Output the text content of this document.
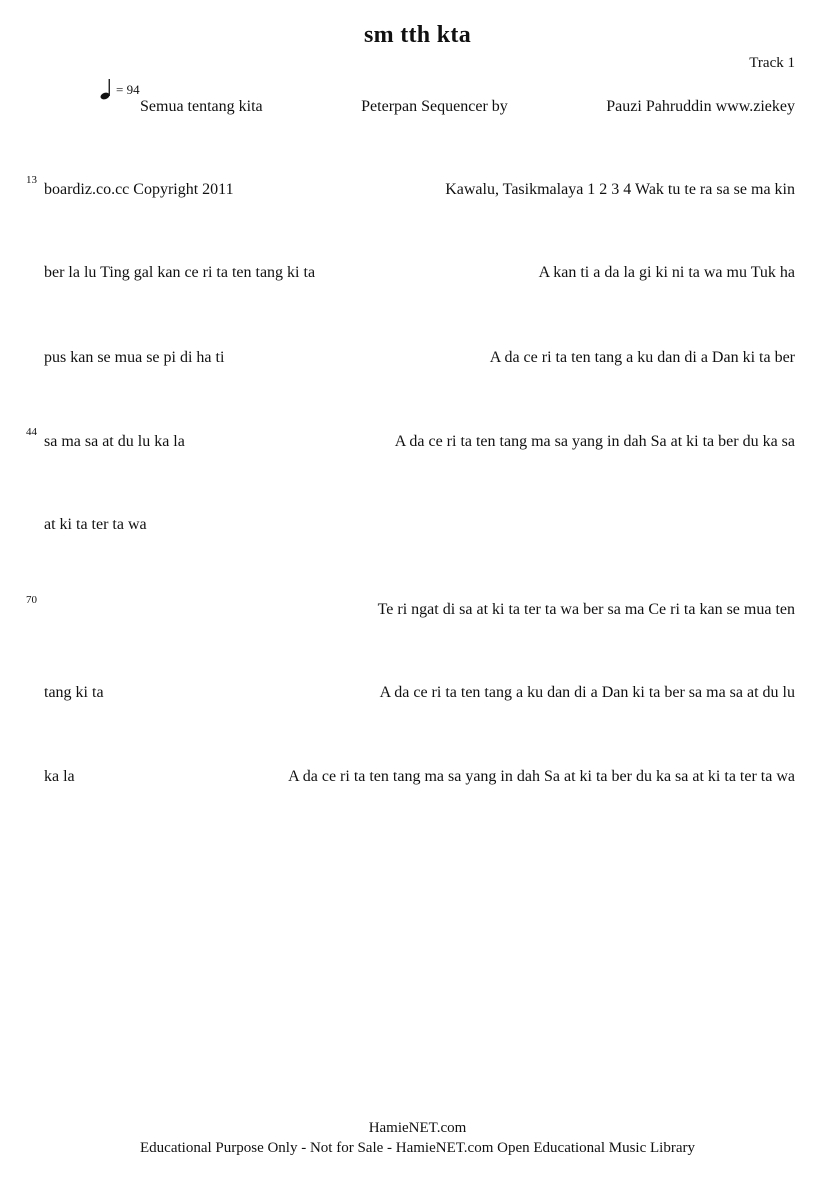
sm tth kta
Track 1
= 94
Semua tentang kita	Peterpan Sequencer by	Pauzi Pahruddin www.ziekey
13
boardiz.co.cc Copyright 2011	Kawalu, Tasikmalaya 1 2 3 4 Wak tu te ra sa se ma kin
ber la lu Ting gal kan ce ri ta ten tang ki ta	A kan ti a da la gi ki ni ta wa mu Tuk ha
pus kan se mua se pi di ha ti	A da ce ri ta ten tang a ku dan di a Dan ki ta ber
44
sa ma sa at du lu ka la	A da ce ri ta ten tang ma sa yang in dah Sa at ki ta ber du ka sa
at ki ta ter ta wa
70
Te ri ngat di sa at ki ta ter ta wa ber sa ma Ce ri ta kan se mua ten
tang ki ta	A da ce ri ta ten tang a ku dan di a Dan ki ta ber sa ma sa at du lu
ka la	A da ce ri ta ten tang ma sa yang in dah Sa at ki ta ber du ka sa at ki ta ter ta wa
HamieNET.com
Educational Purpose Only - Not for Sale - HamieNET.com Open Educational Music Library
